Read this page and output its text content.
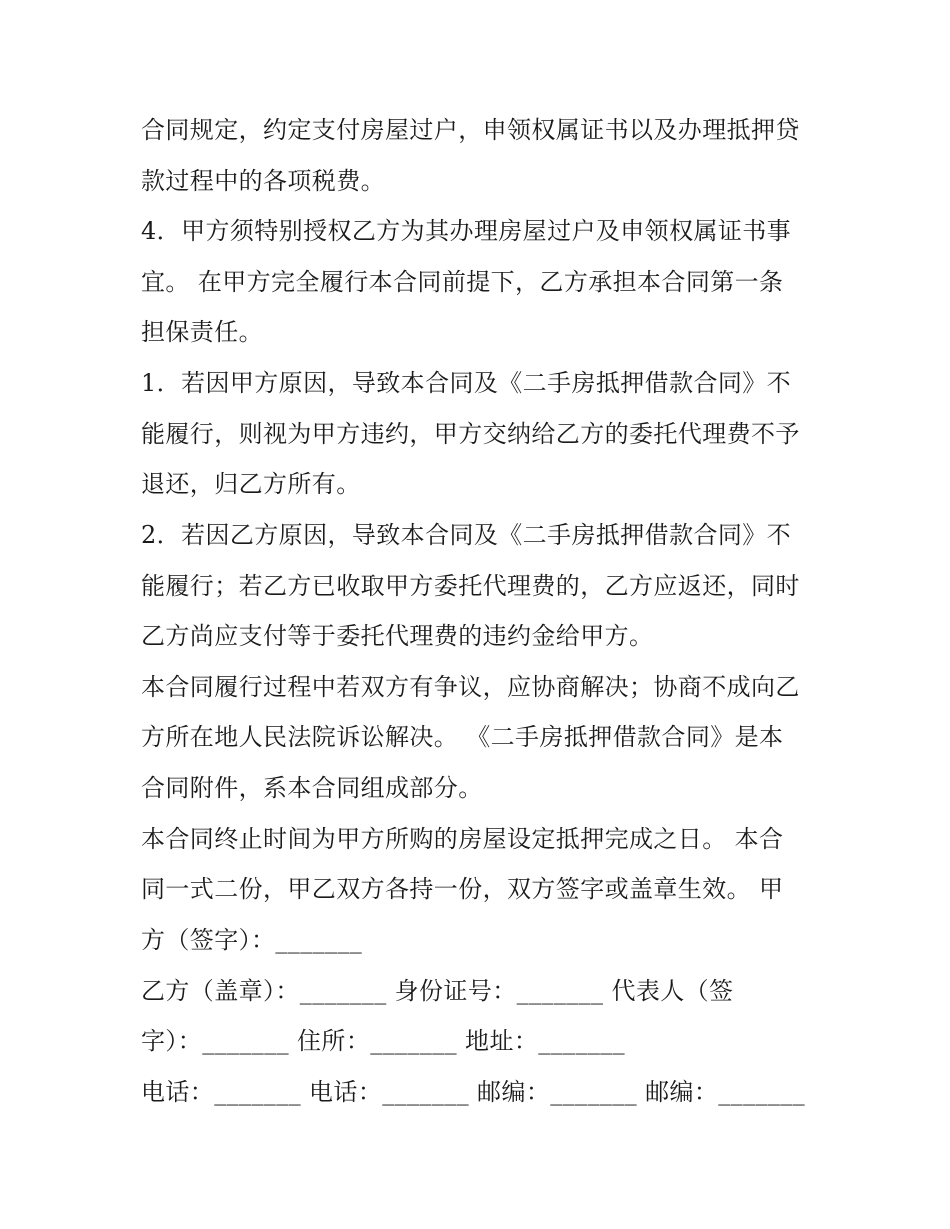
合同规定，约定支付房屋过户，申领权属证书以及办理抵押贷
款过程中的各项税费。
4．甲方须特别授权乙方为其办理房屋过户及申领权属证书事
宜。 在甲方完全履行本合同前提下，乙方承担本合同第一条
担保责任。
1．若因甲方原因，导致本合同及《二手房抵押借款合同》不
能履行，则视为甲方违约，甲方交纳给乙方的委托代理费不予
退还，归乙方所有。
2．若因乙方原因，导致本合同及《二手房抵押借款合同》不
能履行；若乙方已收取甲方委托代理费的，乙方应返还，同时
乙方尚应支付等于委托代理费的违约金给甲方。
本合同履行过程中若双方有争议，应协商解决；协商不成向乙
方所在地人民法院诉讼解决。 《二手房抵押借款合同》是本
合同附件，系本合同组成部分。
本合同终止时间为甲方所购的房屋设定抵押完成之日。 本合
同一式二份，甲乙双方各持一份，双方签字或盖章生效。 甲
方（签字）：_______
乙方（盖章）：_______ 身份证号：_______ 代表人（签
字）：_______ 住所：_______ 地址：_______
电话：_______ 电话：_______ 邮编：_______ 邮编：_______
